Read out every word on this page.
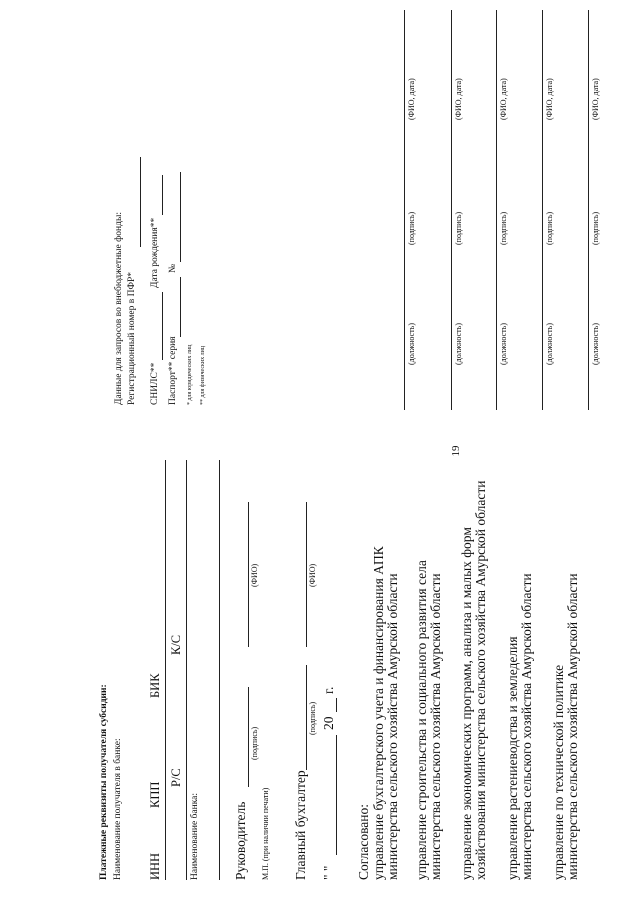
19
Платежные реквизиты получателя субсидии: Наименование получателя в банке: ИНН
КПП
БИК
Р/С
К/С
Наименование банка: Руководитель
(подпись)
(ФИО)
М.П. (при наличии печати) Главный бухгалтер
(подпись)
(ФИО)
" "
20
г.
Согласовано: управление бухгалтерского учета и финансирования АПК министерства сельского хозяйства Амурской области управление строительства и социального развития села министерства сельского хозяйства Амурской области управление экономических программ, анализа и малых форм хозяйствования министерства сельского хозяйства Амурской области управление растениеводства и земледелия министерства сельского хозяйства Амурской области управление по технической политике министерства сельского хозяйства Амурской области
Данные для запросов во внебюджетные фонды: Регистрационный номер в ПФР* СНИЛС**
Дата рождения**
Паспорт** серия
№
* для юридических лиц ** для физических лиц
(должность)
(подпись)
(ФИО, дата)
(должность)
(подпись)
(ФИО, дата)
(должность)
(подпись)
(ФИО, дата)
(должность)
(подпись)
(ФИО, дата)
(должность)
(подпись)
(ФИО, дата)
